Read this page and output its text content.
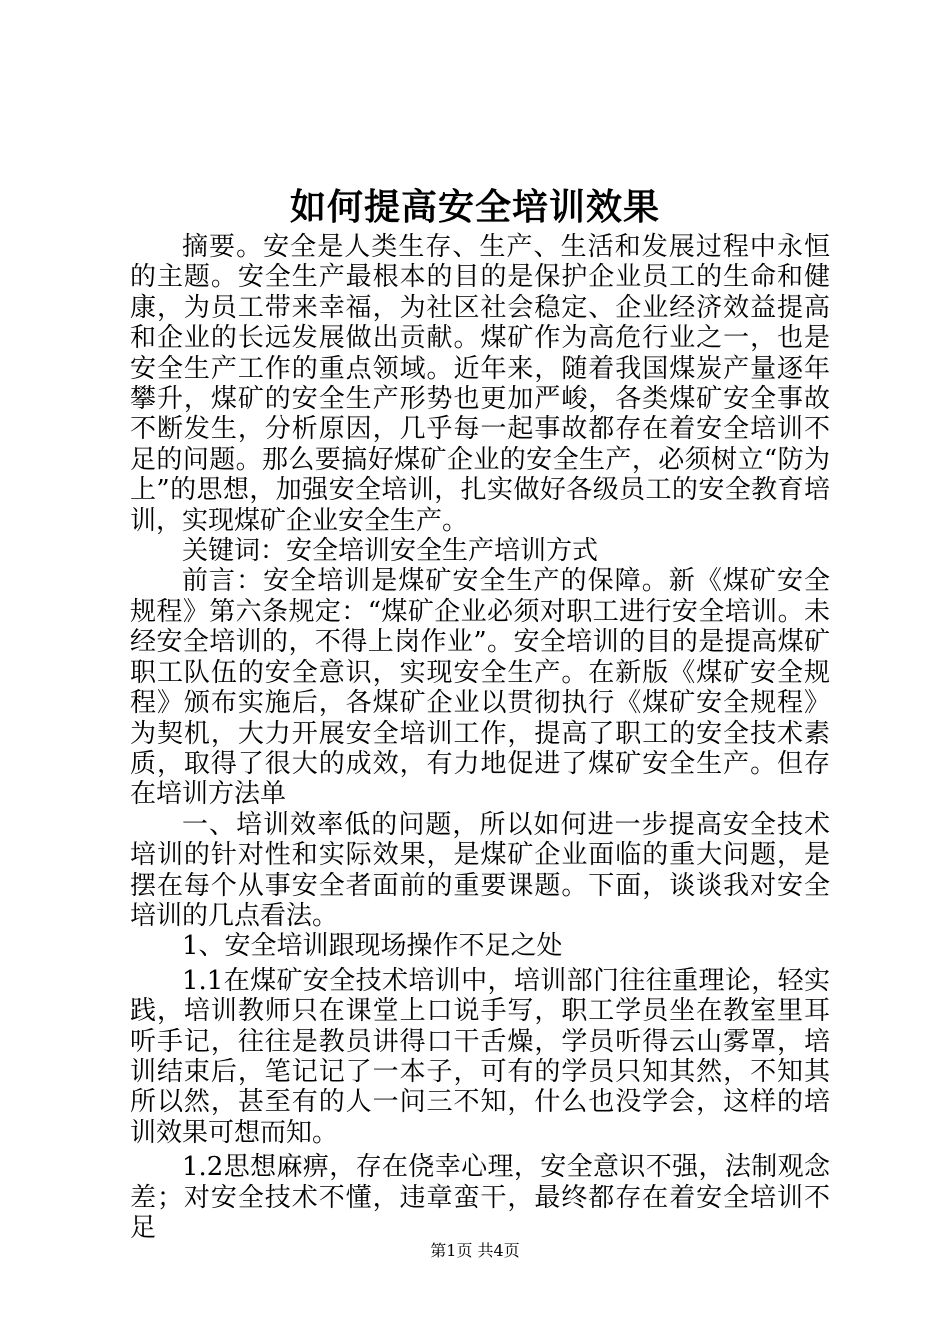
如何提高安全培训效果

摘要。安全是人类生存、生产、生活和发展过程中永恒的主题。安全生产最根本的目的是保护企业员工的生命和健康，为员工带来幸福，为社区社会稳定、企业经济效益提高和企业的长远发展做出贡献。煤矿作为高危行业之一，也是安全生产工作的重点领域。近年来，随着我国煤炭产量逐年攀升，煤矿的安全生产形势也更加严峻，各类煤矿安全事故不断发生，分析原因，几乎每一起事故都存在着安全培训不足的问题。那么要搞好煤矿企业的安全生产，必须树立“防为上”的思想，加强安全培训，扎实做好各级员工的安全教育培训，实现煤矿企业安全生产。

关键词：安全培训安全生产培训方式

前言：安全培训是煤矿安全生产的保障。新《煤矿安全规程》第六条规定：“煤矿企业必须对职工进行安全培训。未经安全培训的，不得上岗作业”。安全培训的目的是提高煤矿职工队伍的安全意识，实现安全生产。在新版《煤矿安全规程》颁布实施后，各煤矿企业以贯彻执行《煤矿安全规程》为契机，大力开展安全培训工作，提高了职工的安全技术素质，取得了很大的成效，有力地促进了煤矿安全生产。但存在培训方法单

一、培训效率低的问题，所以如何进一步提高安全技术培训的针对性和实际效果，是煤矿企业面临的重大问题，是摆在每个从事安全者面前的重要课题。下面，谈谈我对安全培训的几点看法。

1、安全培训跟现场操作不足之处

1.1在煤矿安全技术培训中，培训部门往往重理论，轻实践，培训教师只在课堂上口说手写，职工学员坐在教室里耳听手记，往往是教员讲得口干舌燥，学员听得云山雾罩，培训结束后，笔记记了一本子，可有的学员只知其然，不知其所以然，甚至有的人一问三不知，什么也没学会，这样的培训效果可想而知。

1.2思想麻痹，存在侥幸心理，安全意识不强，法制观念差；对安全技术不懂，违章蛮干，最终都存在着安全培训不足

第1页 共4页
